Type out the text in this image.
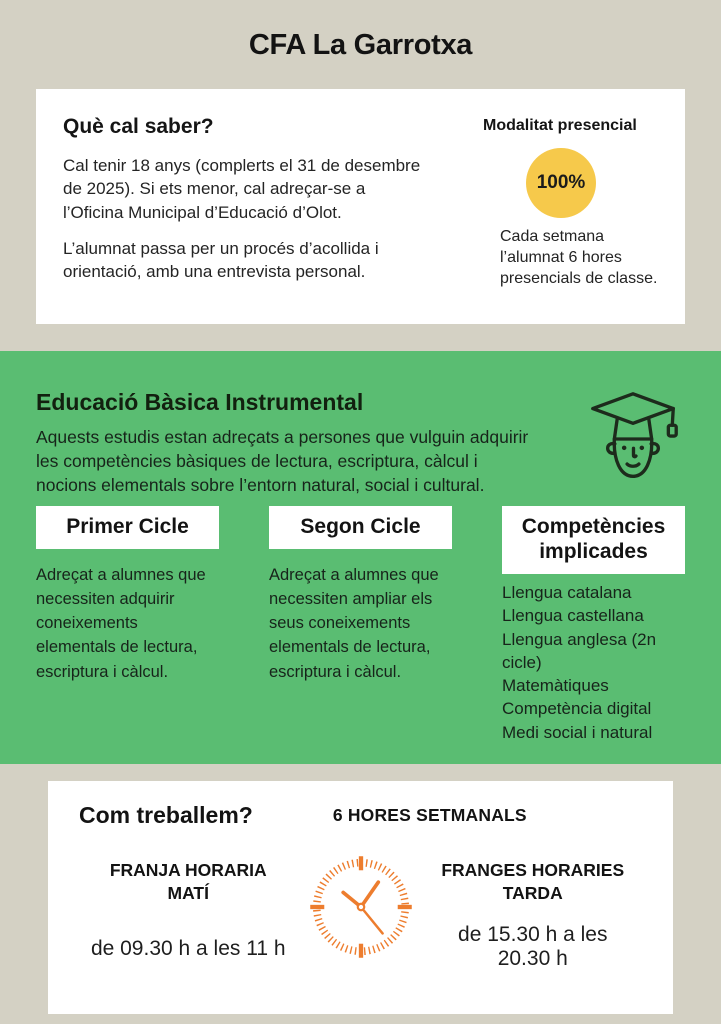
CFA La Garrotxa
Què cal saber?

Cal tenir 18 anys (complerts el 31 de desembre de 2025). Si ets menor, cal adreçar-se a l’Oficina Municipal d’Educació d’Olot.

L’alumnat passa per un procés d’acollida i orientació, amb una entrevista personal.

Modalitat presencial
100%

Cada setmana l’alumnat 6 hores presencials de classe.

Educació Bàsica Instrumental

Aquests estudis estan adreçats a persones que vulguin adquirir les competències bàsiques de lectura, escriptura, càlcul i nocions elementals sobre l’entorn natural, social i cultural.

Primer Cicle

Adreçat a alumnes que necessiten adquirir coneixements elementals de lectura, escriptura i càlcul.

Segon Cicle

Adreçat a alumnes que necessiten ampliar els seus coneixements elementals de lectura, escriptura i càlcul.

Competències implicades
Llengua catalana
Llengua castellana
Llengua anglesa (2n cicle)
Matemàtiques
Competència digital
Medi social i natural
Com treballem?	6 HORES SETMANALS
FRANJA HORARIA MATÍ
de 09.30 h a les 11 h
FRANGES HORARIES TARDA
de 15.30 h a les 20.30 h
